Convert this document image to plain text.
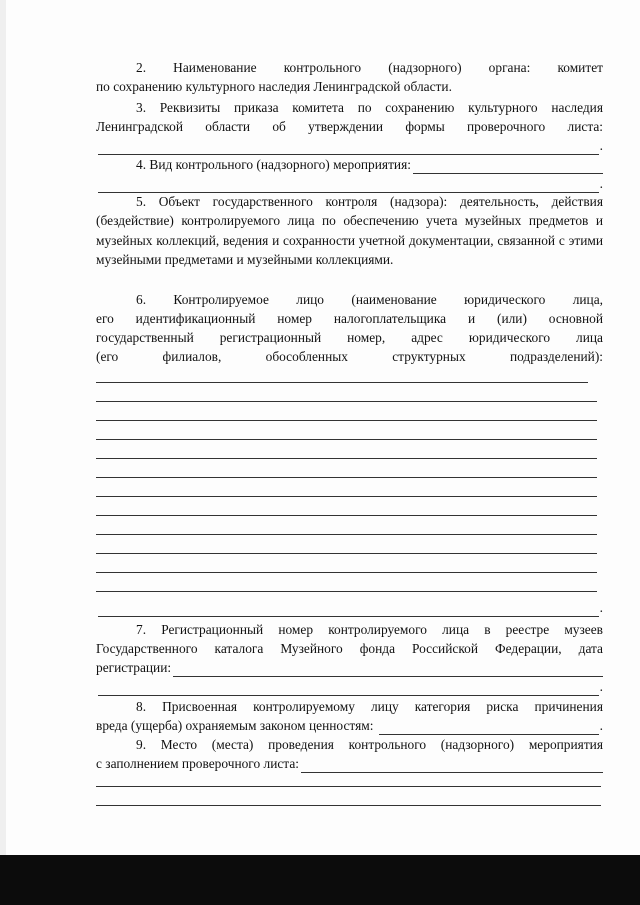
2. Наименование контрольного (надзорного) органа: комитет
по сохранению культурного наследия Ленинградской области.
3. Реквизиты приказа комитета по сохранению культурного наследия
Ленинградской области об утверждении формы проверочного листа:
.
4. Вид контрольного (надзорного) мероприятия:
.
5. Объект государственного контроля (надзора): деятельность, действия (бездействие) контролируемого лица по обеспечению учета музейных предметов и музейных коллекций, ведения и сохранности учетной документации, связанной с этими музейными предметами и музейными коллекциями.
6. Контролируемое лицо (наименование юридического лица,
его идентификационный номер налогоплательщика и (или) основной
государственный регистрационный номер, адрес юридического лица
(его филиалов, обособленных структурных подразделений):
.
7. Регистрационный номер контролируемого лица в реестре музеев
Государственного каталога Музейного фонда Российской Федерации, дата
регистрации:
.
8. Присвоенная контролируемому лицу категория риска причинения
вреда (ущерба) охраняемым законом ценностям:	.
9. Место (места) проведения контрольного (надзорного) мероприятия
с заполнением проверочного листа:
